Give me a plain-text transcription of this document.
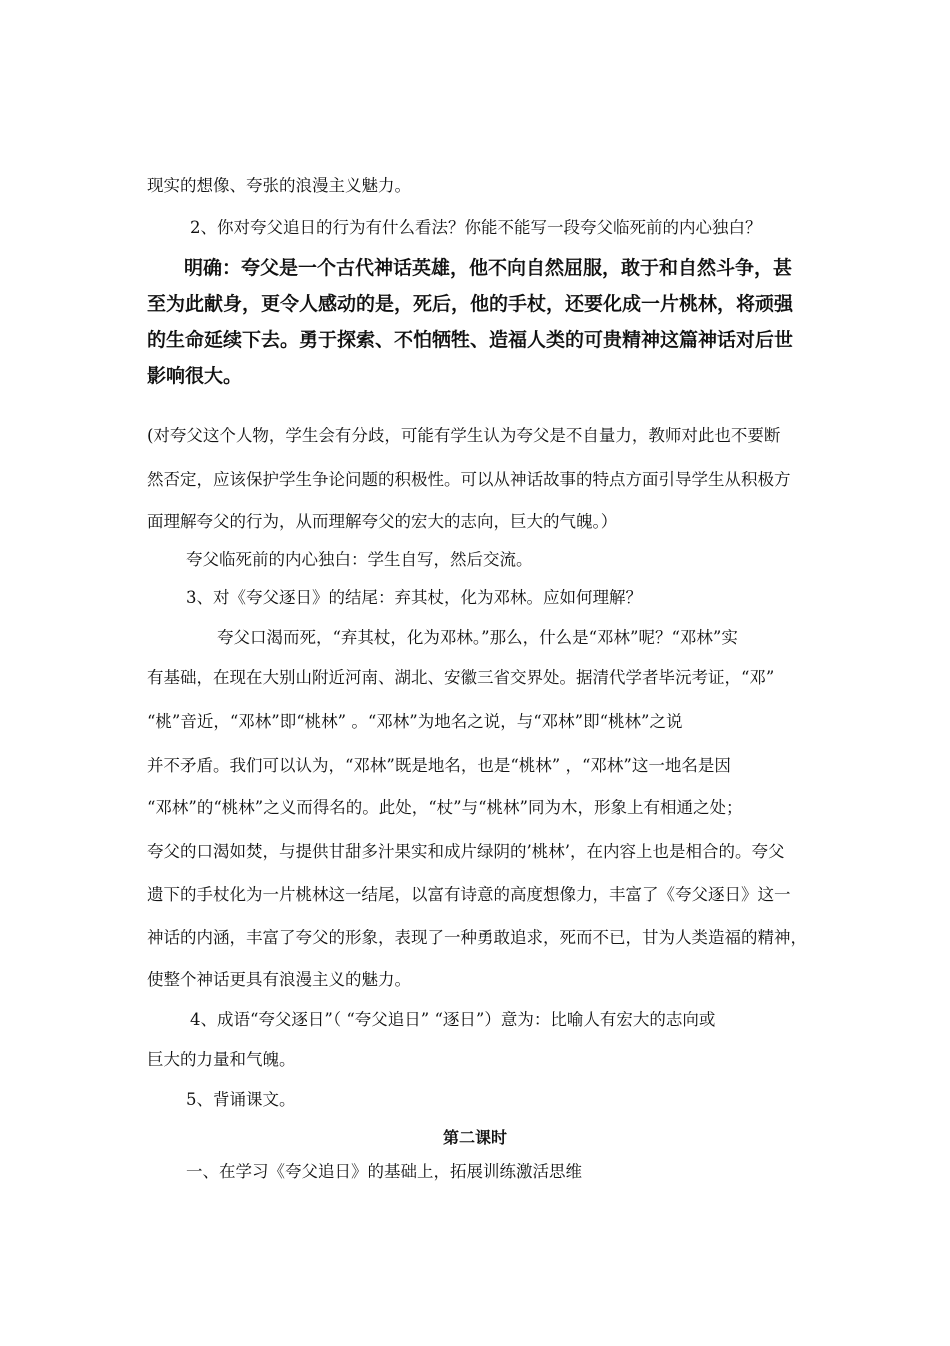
现实的想像、夸张的浪漫主义魅力。
2、你对夸父追日的行为有什么看法？你能不能写一段夸父临死前的内心独白？
明确：夸父是一个古代神话英雄，他不向自然屈服，敢于和自然斗争，甚
至为此献身，更令人感动的是，死后，他的手杖，还要化成一片桃林，将顽强
的生命延续下去。勇于探索、不怕牺牲、造福人类的可贵精神这篇神话对后世
影响很大。
(对夸父这个人物，学生会有分歧，可能有学生认为夸父是不自量力，教师对此也不要断
然否定，应该保护学生争论问题的积极性。可以从神话故事的特点方面引导学生从积极方
面理解夸父的行为，从而理解夸父的宏大的志向，巨大的气魄。）
夸父临死前的内心独白：学生自写，然后交流。
3、对《夸父逐日》的结尾：弃其杖，化为邓林。应如何理解？
夸父口渴而死，“弃其杖，化为邓林。”那么，什么是“邓林”呢？“邓林”实
有基础，在现在大别山附近河南、湖北、安徽三省交界处。据清代学者毕沅考证，“邓”
“桃”音近，“邓林”即“桃林” 。“邓林”为地名之说，与“邓林”即“桃林”之说
并不矛盾。我们可以认为，“邓林”既是地名，也是“桃林” ，“邓林”这一地名是因
“邓林”的“桃林”之义而得名的。此处，“杖”与“桃林”同为木，形象上有相通之处；
夸父的口渴如焚，与提供甘甜多汁果实和成片绿阴的’桃林’，在内容上也是相合的。夸父
遗下的手杖化为一片桃林这一结尾，以富有诗意的高度想像力，丰富了《夸父逐日》这一
神话的内涵，丰富了夸父的形象，表现了一种勇敢追求，死而不已，甘为人类造福的精神，
使整个神话更具有浪漫主义的魅力。
4、成语“夸父逐日”（ “夸父追日” “逐日”）意为：比喻人有宏大的志向或
巨大的力量和气魄。
5、背诵课文。
第二课时
一、在学习《夸父追日》的基础上，拓展训练激活思维
